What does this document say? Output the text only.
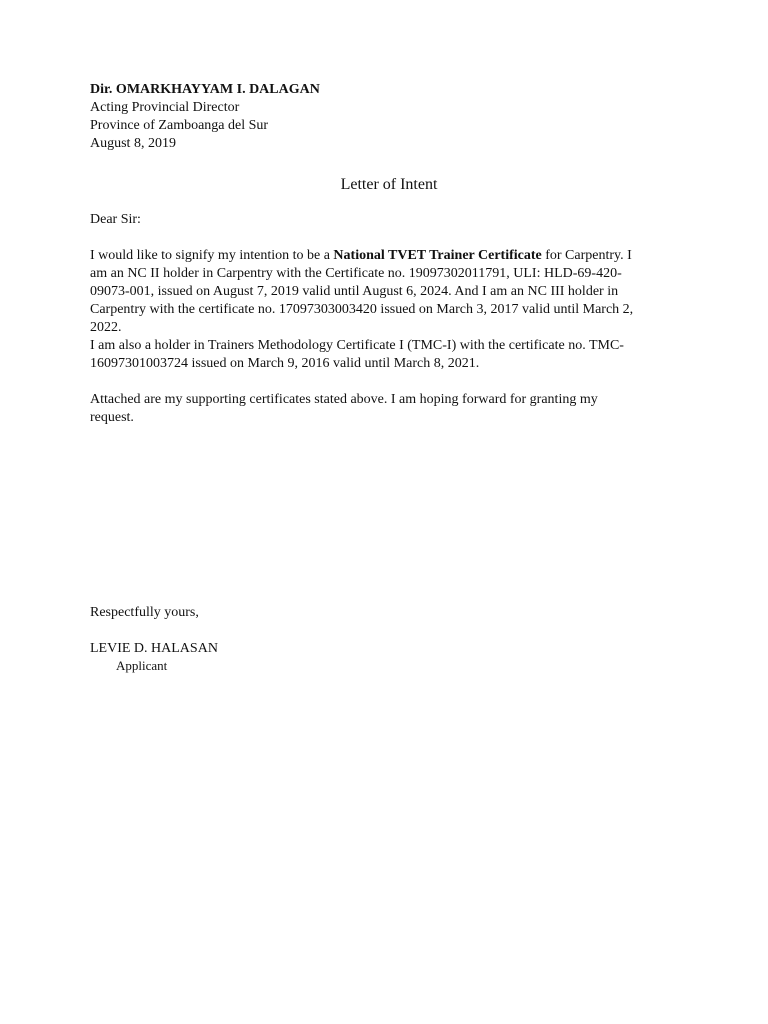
Dir. OMARKHAYYAM I. DALAGAN
Acting Provincial Director
Province of Zamboanga del Sur
August 8, 2019
Letter of Intent
Dear Sir:
I would like to signify my intention to be a National TVET Trainer Certificate for Carpentry. I
am an NC II holder in Carpentry with the Certificate no. 19097302011791, ULI: HLD-69-420-
09073-001, issued on August 7, 2019 valid until August 6, 2024. And I am an NC III holder in
Carpentry with the certificate no. 17097303003420 issued on March 3, 2017 valid until March 2,
2022.
I am also a holder in Trainers Methodology Certificate I (TMC-I) with the certificate no. TMC-
16097301003724 issued on March 9, 2016 valid until March 8, 2021.
Attached are my supporting certificates stated above. I am hoping forward for granting my
request.
Respectfully yours,
LEVIE D. HALASAN
Applicant
